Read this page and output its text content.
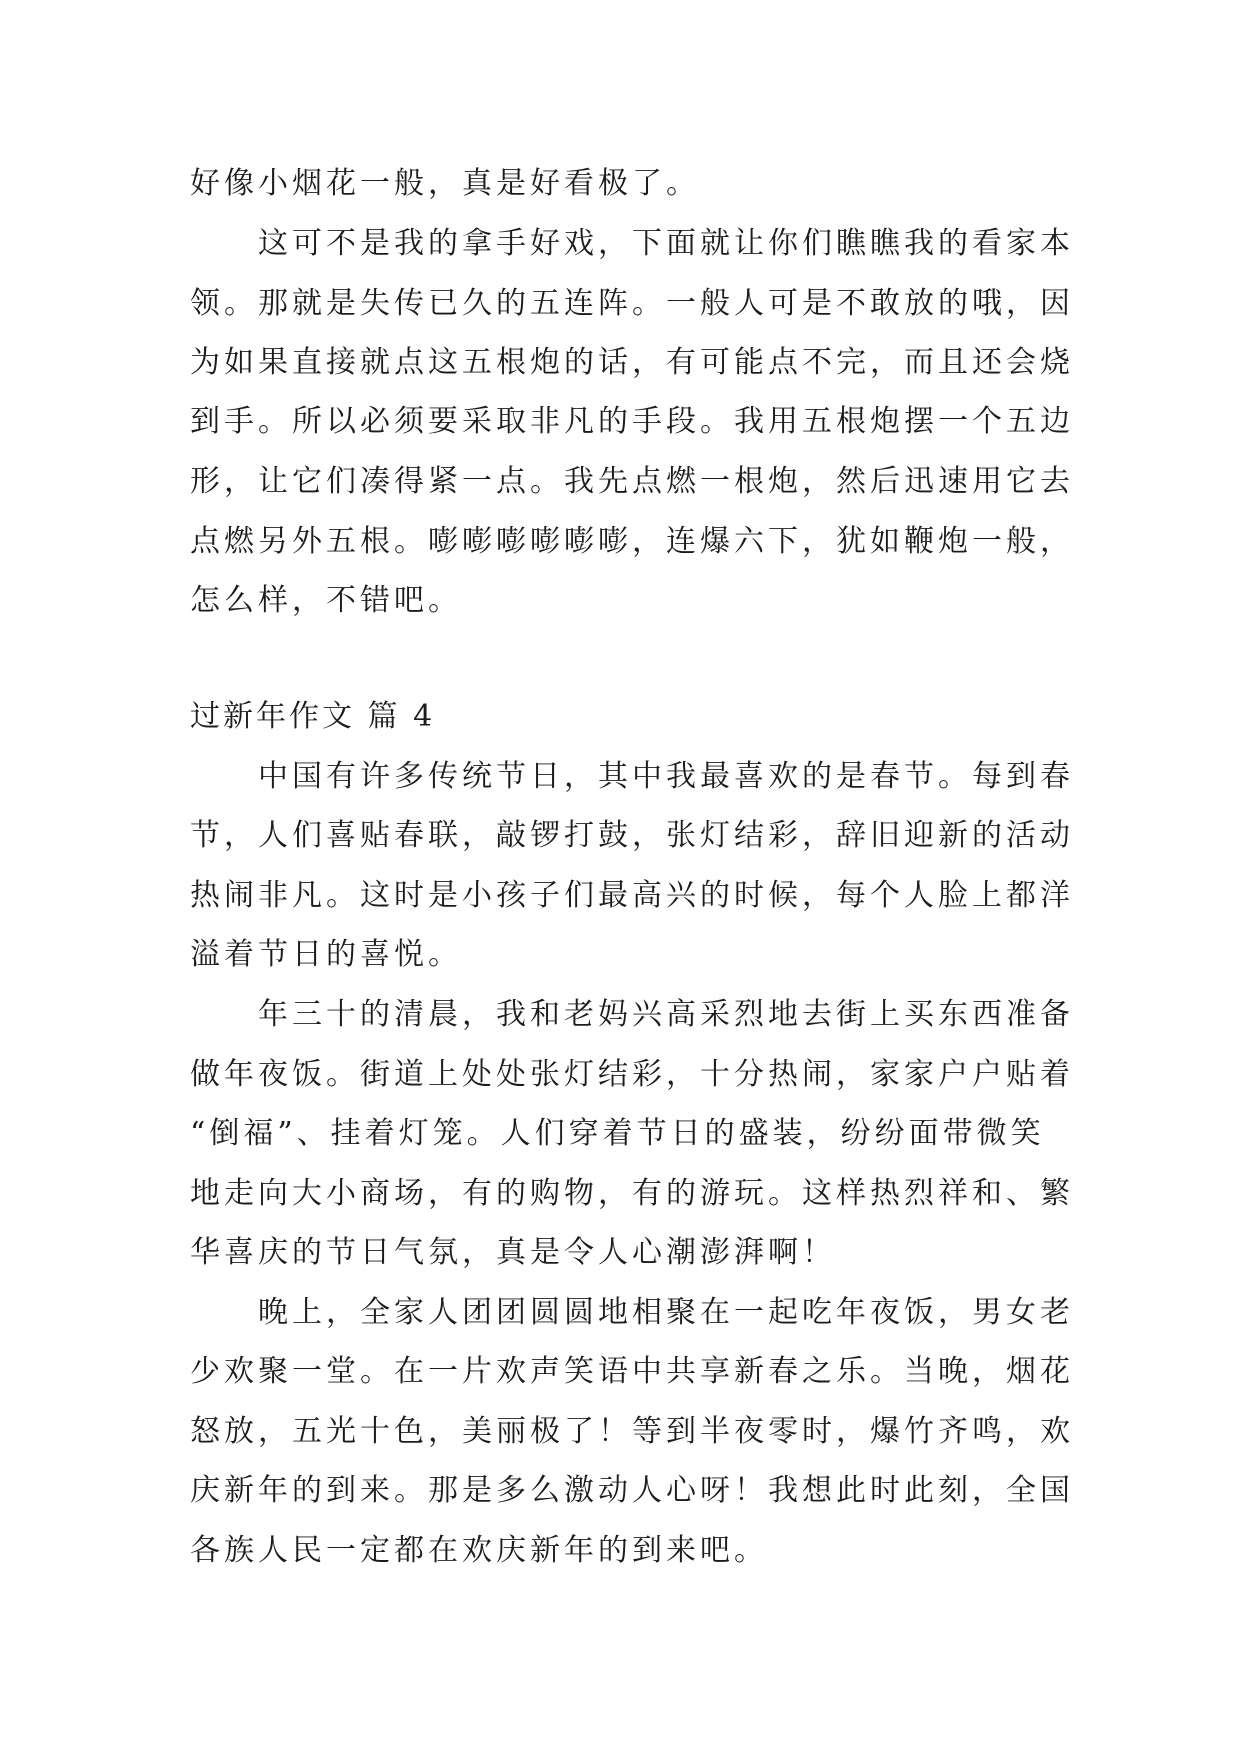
好像小烟花一般，真是好看极了。
这可不是我的拿手好戏，下面就让你们瞧瞧我的看家本
领。那就是失传已久的五连阵。一般人可是不敢放的哦，因
为如果直接就点这五根炮的话，有可能点不完，而且还会烧
到手。所以必须要采取非凡的手段。我用五根炮摆一个五边
形，让它们凑得紧一点。我先点燃一根炮，然后迅速用它去
点燃另外五根。嘭嘭嘭嘭嘭嘭，连爆六下，犹如鞭炮一般，
怎么样，不错吧。
过新年作文 篇 4
中国有许多传统节日，其中我最喜欢的是春节。每到春
节，人们喜贴春联，敲锣打鼓，张灯结彩，辞旧迎新的活动
热闹非凡。这时是小孩子们最高兴的时候，每个人脸上都洋
溢着节日的喜悦。
年三十的清晨，我和老妈兴高采烈地去街上买东西准备
做年夜饭。街道上处处张灯结彩，十分热闹，家家户户贴着
“倒福”、挂着灯笼。人们穿着节日的盛装，纷纷面带微笑
地走向大小商场，有的购物，有的游玩。这样热烈祥和、繁
华喜庆的节日气氛，真是令人心潮澎湃啊！
晚上，全家人团团圆圆地相聚在一起吃年夜饭，男女老
少欢聚一堂。在一片欢声笑语中共享新春之乐。当晚，烟花
怒放，五光十色，美丽极了！等到半夜零时，爆竹齐鸣，欢
庆新年的到来。那是多么激动人心呀！我想此时此刻，全国
各族人民一定都在欢庆新年的到来吧。
